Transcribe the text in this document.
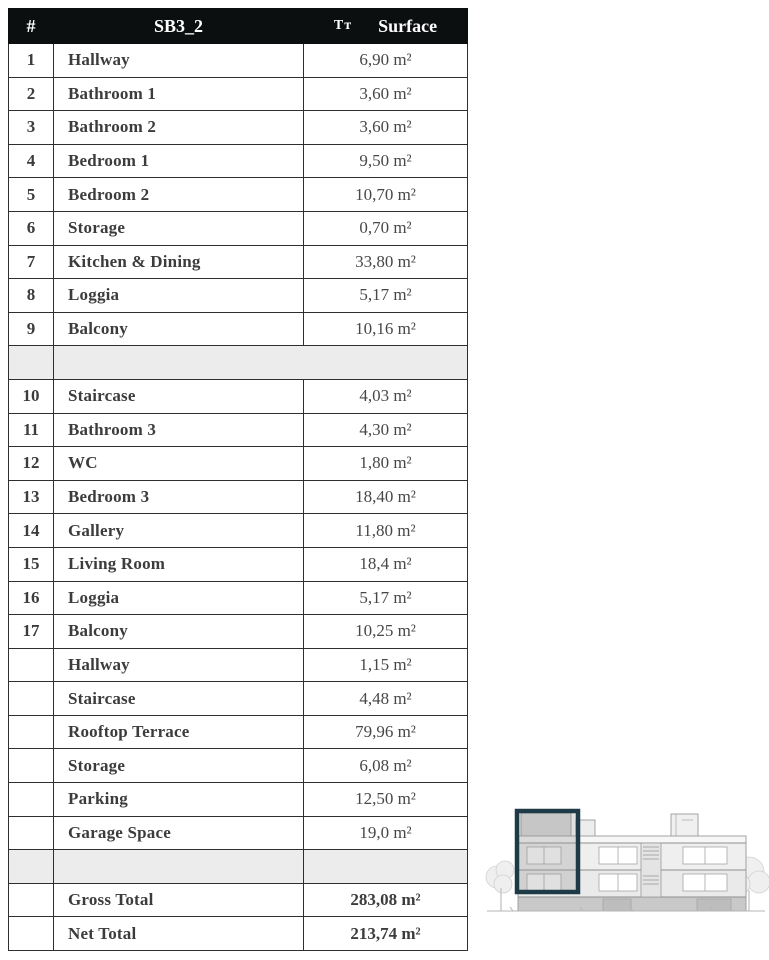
#	SB3_2	Tт Surface

1	Hallway	6,90 m²
2	Bathroom 1	3,60 m²
3	Bathroom 2	3,60 m²
4	Bedroom 1	9,50 m²
5	Bedroom 2	10,70 m²
6	Storage	0,70 m²
7	Kitchen & Dining	33,80 m²
8	Loggia	5,17 m²
9	Balcony	10,16 m²

10	Staircase	4,03 m²
11	Bathroom 3	4,30 m²
12	WC	1,80 m²
13	Bedroom 3	18,40 m²
14	Gallery	11,80 m²
15	Living Room	18,4 m²
16	Loggia	5,17 m²
17	Balcony	10,25 m²
	Hallway	1,15 m²
	Staircase	4,48 m²
	Rooftop Terrace	79,96 m²
	Storage	6,08 m²
	Parking	12,50 m²
	Garage Space	19,0 m²

	Gross Total	283,08 m²
	Net Total	213,74 m²
